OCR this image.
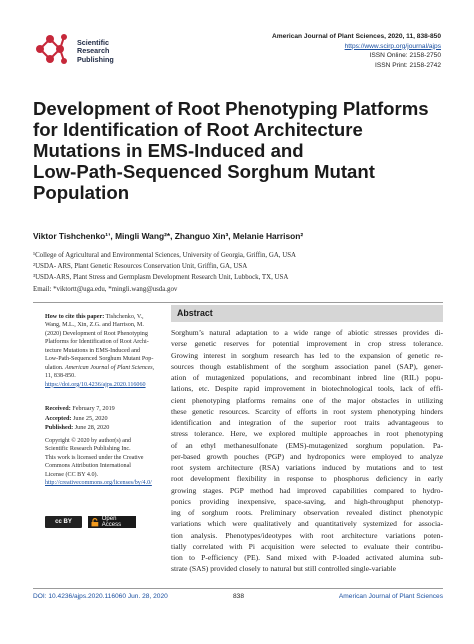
Scientific
Research
Publishing
American Journal of Plant Sciences, 2020, 11, 838-850
https://www.scirp.org/journal/ajps
ISSN Online: 2158-2750
ISSN Print: 2158-2742
Development of Root Phenotyping Platforms
for Identification of Root Architecture
Mutations in EMS-Induced and
Low-Path-Sequenced Sorghum Mutant
Population
Viktor Tishchenko¹ʼ, Mingli Wang²*, Zhanguo Xin³, Melanie Harrison²
¹College of Agricultural and Environmental Sciences, University of Georgia, Griffin, GA, USA
²USDA- ARS, Plant Genetic Resources Conservation Unit, Griffin, GA, USA
³USDA-ARS, Plant Stress and Germplasm Development Research Unit, Lubbock, TX, USA
Email: *viktortt@uga.edu, *mingli.wang@usda.gov
How to cite this paper: Tishchenko, V.,
Wang, M.L., Xin, Z.G. and Harrison, M.
(2020) Development of Root Phenotyping
Platforms for Identification of Root Archi-
tecture Mutations in EMS-Induced and
Low-Path-Sequenced Sorghum Mutant Pop-
ulation. American Journal of Plant Sciences, 11, 838-850.
https://doi.org/10.4236/ajps.2020.116060
Received: February 7, 2019
Accepted: June 25, 2020
Published: June 28, 2020
Copyright © 2020 by author(s) and
Scientific Research Publishing Inc.
This work is licensed under the Creative
Commons Attribution International
License (CC BY 4.0).
http://creativecommons.org/licenses/by/4.0/
cc BY	Open Access
Abstract
Sorghum’s natural adaptation to a wide range of abiotic stresses provides di-
verse genetic reserves for potential improvement in crop stress tolerance.
Growing interest in sorghum research has led to the expansion of genetic re-
sources though establishment of the sorghum association panel (SAP), gener-
ation of mutagenized populations, and recombinant inbred line (RIL) popu-
lations, etc. Despite rapid improvement in biotechnological tools, lack of effi-
cient phenotyping platforms remains one of the major obstacles in utilizing
these genetic resources. Scarcity of efforts in root system phenotyping hinders
identification and integration of the superior root traits advantageous to
stress tolerance. Here, we explored multiple approaches in root phenotyping
of an ethyl methanesulfonate (EMS)-mutagenized sorghum population. Pa-
per-based growth pouches (PGP) and hydroponics were employed to analyze
root system architecture (RSA) variations induced by mutations and to test
root development flexibility in response to phosphorus deficiency in early
growing stages. PGP method had improved capabilities compared to hydro-
ponics providing inexpensive, space-saving, and high-throughput phenotyp-
ing of sorghum roots. Preliminary observation revealed distinct phenotypic
variations which were qualitatively and quantitatively systemized for associa-
tion analysis. Phenotypes/ideotypes with root architecture variations poten-
tially correlated with Pi acquisition were selected to evaluate their contribu-
tion to P-efficiency (PE). Sand mixed with P-loaded activated alumina sub-
strate (SAS) provided closely to natural but still controlled single-variable
DOI: 10.4236/ajps.2020.116060 Jun. 28, 2020	838	American Journal of Plant Sciences
